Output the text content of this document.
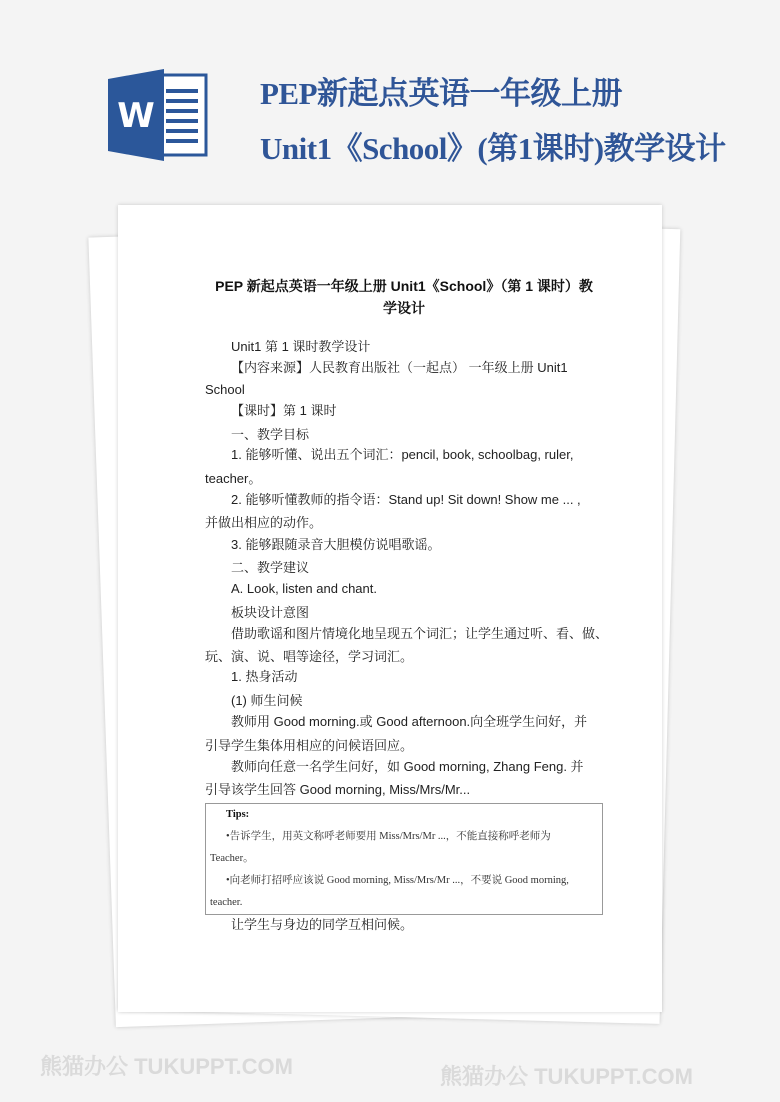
W
PEP新起点英语一年级上册
Unit1《School》(第1课时)教学设计
熊猫办公 TUKUPPT.COM	熊猫办公 TUKUPPT.COM
PEP 新起点英语一年级上册 Unit1《School》（第 1 课时）教
学设计
Unit1 第 1 课时教学设计
【内容来源】人民教育出版社（一起点） 一年级上册 Unit1
School
【课时】第 1 课时
一、教学目标
1. 能够听懂、说出五个词汇：pencil, book, schoolbag, ruler,
teacher。
2. 能够听懂教师的指令语：Stand up! Sit down! Show me ... ,
并做出相应的动作。
3. 能够跟随录音大胆模仿说唱歌谣。
二、教学建议
A. Look, listen and chant.
板块设计意图
借助歌谣和图片情境化地呈现五个词汇；让学生通过听、看、做、
玩、演、说、唱等途径，学习词汇。
1. 热身活动
(1) 师生问候
教师用 Good morning.或 Good afternoon.向全班学生问好，并
引导学生集体用相应的问候语回应。
教师向任意一名学生问好，如 Good morning, Zhang Feng. 并
引导该学生回答 Good morning, Miss/Mrs/Mr...
Tips:
•告诉学生，用英文称呼老师要用 Miss/Mrs/Mr ...，不能直接称呼老师为
Teacher。
•向老师打招呼应该说 Good morning, Miss/Mrs/Mr ...，不要说 Good morning,
teacher.
让学生与身边的同学互相问候。
